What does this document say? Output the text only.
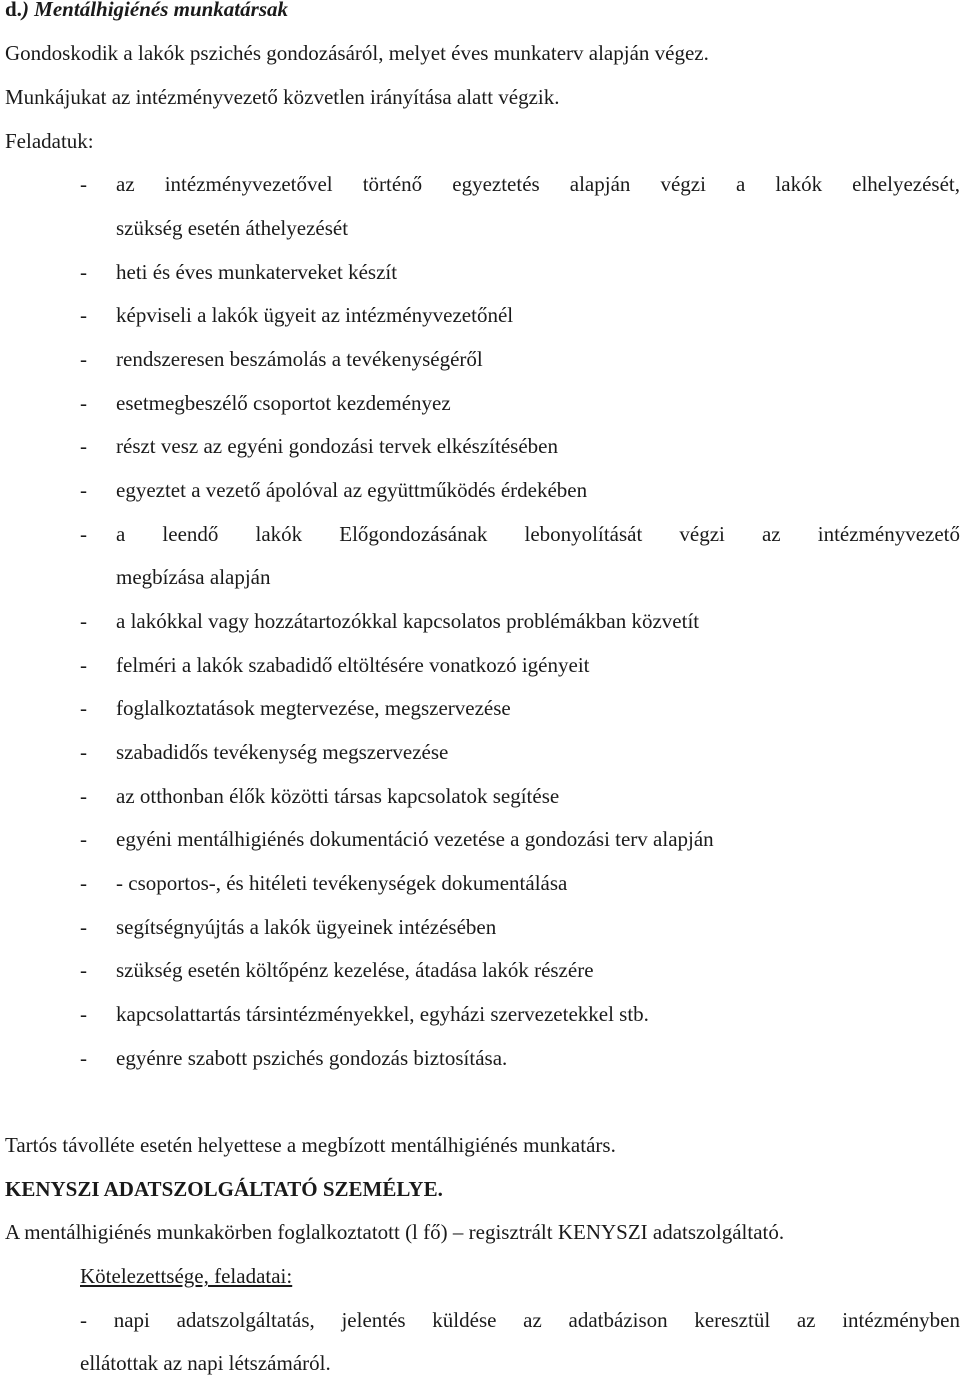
d.) Mentálhigiénés munkatársak
Gondoskodik a lakók pszichés gondozásáról, melyet éves munkaterv alapján végez.
Munkájukat az intézményvezető közvetlen irányítása alatt végzik.
Feladatuk:
- az intézményvezetővel történő egyeztetés alapján végzi a lakók elhelyezését,
szükség esetén áthelyezését
- heti és éves munkaterveket készít
- képviseli a lakók ügyeit az intézményvezetőnél
- rendszeresen beszámolás a tevékenységéről
- esetmegbeszélő csoportot kezdeményez
- részt vesz az egyéni gondozási tervek elkészítésében
- egyeztet a vezető ápolóval az együttműködés érdekében
- a leendő lakók Előgondozásának lebonyolítását végzi az intézményvezető
megbízása alapján
- a lakókkal vagy hozzátartozókkal kapcsolatos problémákban közvetít
- felméri a lakók szabadidő eltöltésére vonatkozó igényeit
- foglalkoztatások megtervezése, megszervezése
- szabadidős tevékenység megszervezése
- az otthonban élők közötti társas kapcsolatok segítése
- egyéni mentálhigiénés dokumentáció vezetése a gondozási terv alapján
- - csoportos-, és hitéleti tevékenységek dokumentálása
- segítségnyújtás a lakók ügyeinek intézésében
- szükség esetén költőpénz kezelése, átadása lakók részére
- kapcsolattartás társintézményekkel, egyházi szervezetekkel stb.
- egyénre szabott pszichés gondozás biztosítása.
Tartós távolléte esetén helyettese a megbízott mentálhigiénés munkatárs.
KENYSZI ADATSZOLGÁLTATÓ SZEMÉLYE.
A mentálhigiénés munkakörben foglalkoztatott (l fő) – regisztrált KENYSZI adatszolgáltató.
Kötelezettsége, feladatai:
- napi adatszolgáltatás, jelentés küldése az adatbázison keresztül az intézményben
ellátottak az napi létszámáról.
